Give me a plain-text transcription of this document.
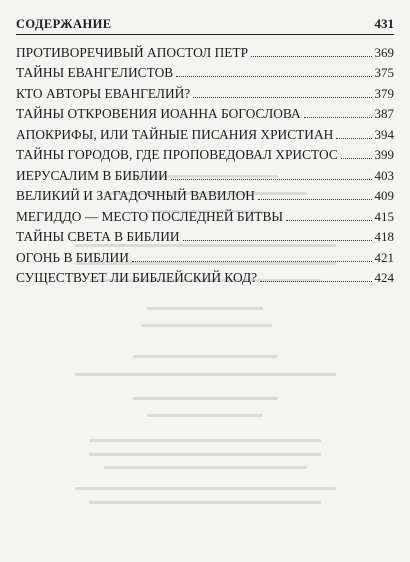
СОДЕРЖАНИЕ	431
ПРОТИВОРЕЧИВЫЙ АПОСТОЛ ПЕТР	369
ТАЙНЫ ЕВАНГЕЛИСТОВ	375
КТО АВТОРЫ ЕВАНГЕЛИЙ?	379
ТАЙНЫ ОТКРОВЕНИЯ ИОАННА БОГОСЛОВА	387
АПОКРИФЫ, ИЛИ ТАЙНЫЕ ПИСАНИЯ ХРИСТИАН	394
ТАЙНЫ ГОРОДОВ, ГДЕ ПРОПОВЕДОВАЛ ХРИСТОС	399
ИЕРУСАЛИМ В БИБЛИИ	403
ВЕЛИКИЙ И ЗАГАДОЧНЫЙ ВАВИЛОН	409
МЕГИДДО — МЕСТО ПОСЛЕДНЕЙ БИТВЫ	415
ТАЙНЫ СВЕТА В БИБЛИИ	418
ОГОНЬ В БИБЛИИ	421
СУЩЕСТВУЕТ ЛИ БИБЛЕЙСКИЙ КОД?	424
